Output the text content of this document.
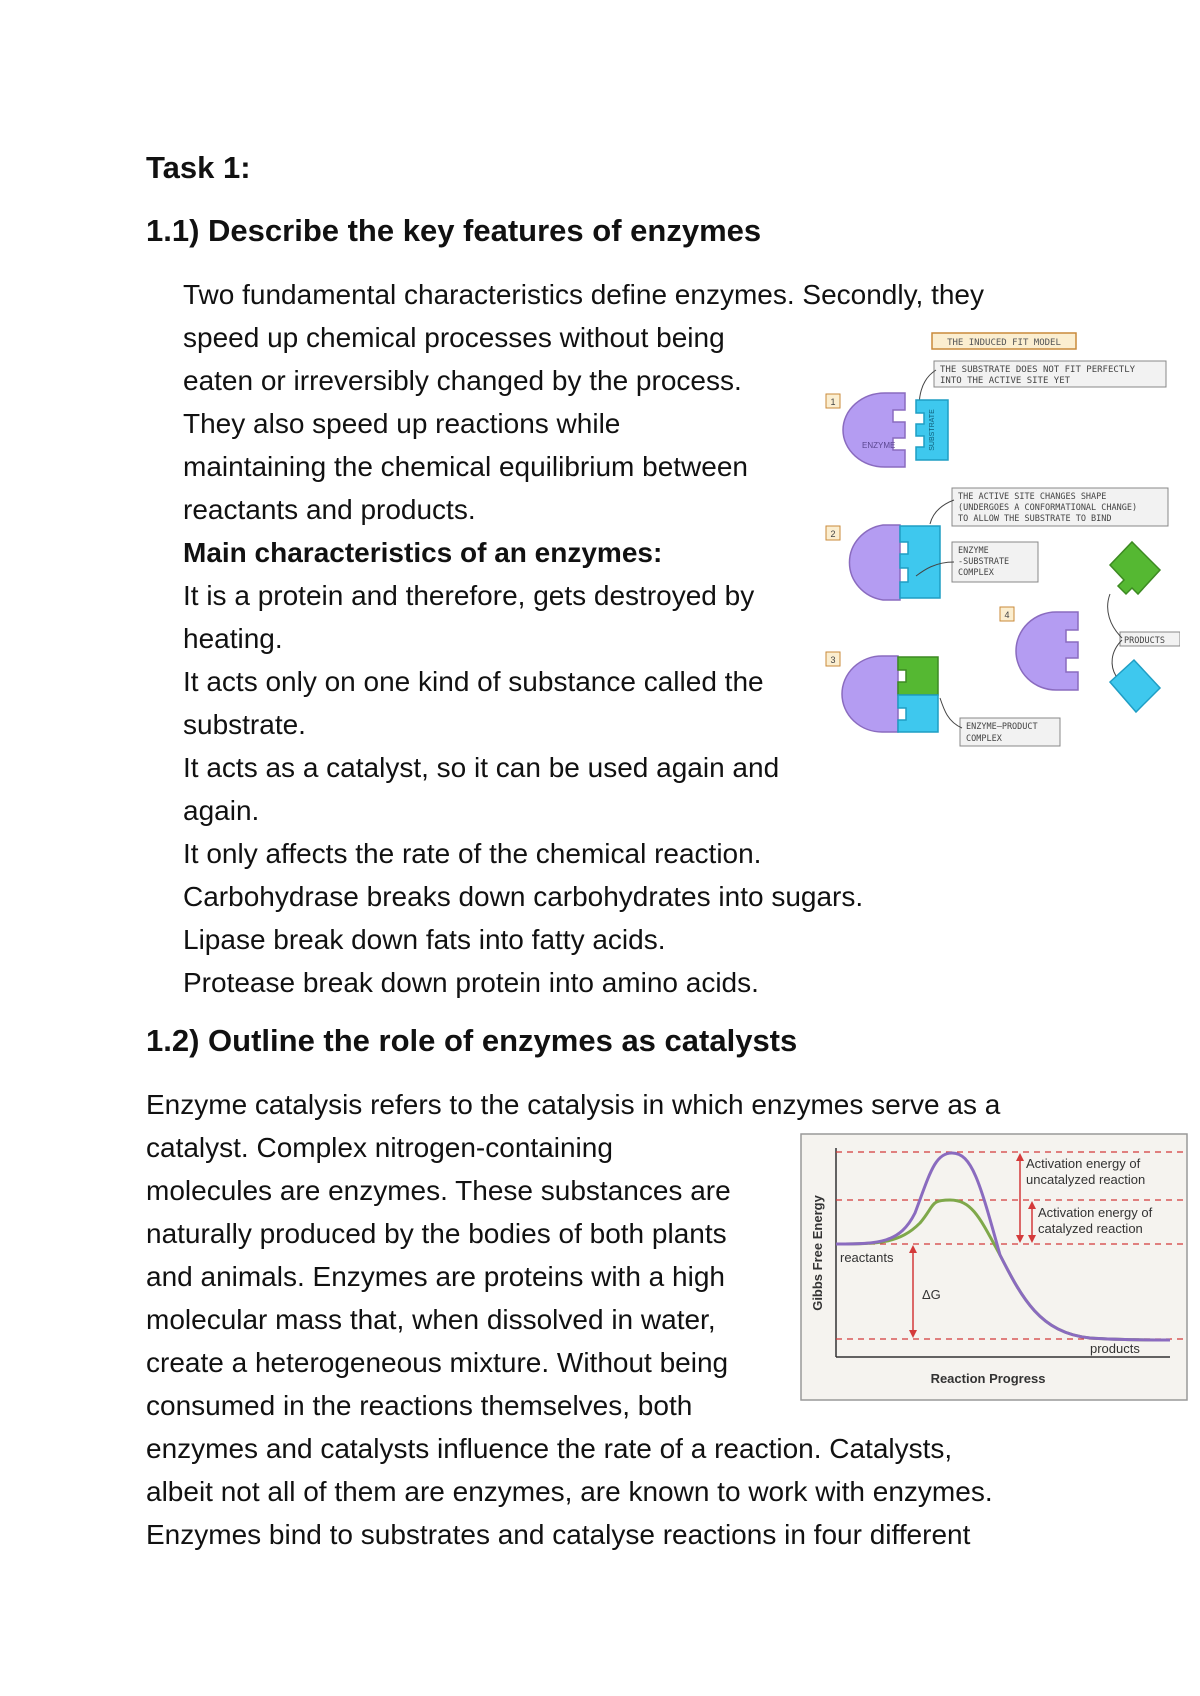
Task 1:
1.1) Describe the key features of enzymes
Two fundamental characteristics define enzymes. Secondly, they
speed up chemical processes without being
eaten or irreversibly changed by the process.
They also speed up reactions while
maintaining the chemical equilibrium between
reactants and products.
Main characteristics of an enzymes:
It is a protein and therefore, gets destroyed by
heating.
It acts only on one kind of substance called the
substrate.
It acts as a catalyst, so it can be used again and
again.
It only affects the rate of the chemical reaction.
Carbohydrase breaks down carbohydrates into sugars.
Lipase break down fats into fatty acids.
Protease break down protein into amino acids.
THE INDUCED FIT MODEL
THE SUBSTRATE DOES NOT FIT PERFECTLY
INTO THE ACTIVE SITE YET
1
ENZYME	SUBSTRATE
THE ACTIVE SITE CHANGES SHAPE
(UNDERGOES A CONFORMATIONAL CHANGE)
TO ALLOW THE SUBSTRATE TO BIND
2
ENZYME
-SUBSTRATE
COMPLEX
4
PRODUCTS
3
ENZYME–PRODUCT
COMPLEX
1.2) Outline the role of enzymes as catalysts
Enzyme catalysis refers to the catalysis in which enzymes serve as a
catalyst. Complex nitrogen-containing
molecules are enzymes. These substances are
naturally produced by the bodies of both plants
and animals. Enzymes are proteins with a high
molecular mass that, when dissolved in water,
create a heterogeneous mixture. Without being
consumed in the reactions themselves, both
enzymes and catalysts influence the rate of a reaction. Catalysts,
albeit not all of them are enzymes, are known to work with enzymes.
Enzymes bind to substrates and catalyse reactions in four different
Gibbs Free Energy
Reaction Progress
Activation energy of
uncatalyzed reaction
Activation energy of
catalyzed reaction
reactants
ΔG
products
